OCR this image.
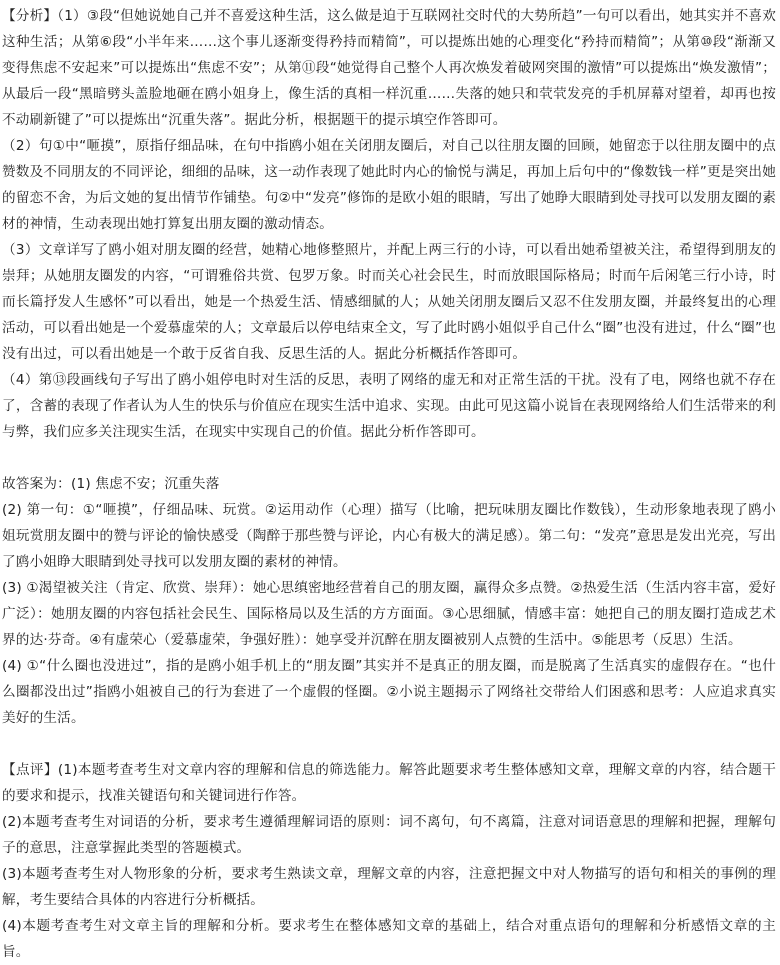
【分析】（1）③段“但她说她自己并不喜爱这种生活，这么做是迫于互联网社交时代的大势所趋”一句可以看出，她其实并不喜欢这种生活；从第⑥段“小半年来……这个事儿逐渐变得矜持而精简”，可以提炼出她的心理变化“矜持而精简”；从第⑩段“渐渐又变得焦虑不安起来”可以提炼出“焦虑不安”；从第⑪段“她觉得自己整个人再次焕发着破网突围的激情”可以提炼出“焕发激情”；从最后一段“黑暗劈头盖脸地砸在鸥小姐身上，像生活的真相一样沉重……失落的她只和茕茕发亮的手机屏幕对望着，却再也按不动刷新键了”可以提炼出“沉重失落”。据此分析，根据题干的提示填空作答即可。

（2）句①中“咂摸”，原指仔细品味，在句中指鸥小姐在关闭朋友圈后，对自己以往朋友圈的回顾，她留恋于以往朋友圈中的点赞数及不同朋友的不同评论，细细的品味，这一动作表现了她此时内心的愉悦与满足，再加上后句中的“像数钱一样”更是突出她的留恋不舍，为后文她的复出情节作铺垫。句②中“发亮”修饰的是欧小姐的眼睛，写出了她睁大眼睛到处寻找可以发朋友圈的素材的神情，生动表现出她打算复出朋友圈的激动情态。

（3）文章详写了鸥小姐对朋友圈的经营，她精心地修整照片，并配上两三行的小诗，可以看出她希望被关注，希望得到朋友的崇拜；从她朋友圈发的内容，“可谓雅俗共赏、包罗万象。时而关心社会民生，时而放眼国际格局；时而午后闲笔三行小诗，时而长篇抒发人生感怀”可以看出，她是一个热爱生活、情感细腻的人；从她关闭朋友圈后又忍不住发朋友圈，并最终复出的心理活动，可以看出她是一个爱慕虚荣的人；文章最后以停电结束全文，写了此时鸥小姐似乎自己什么“圈”也没有进过，什么“圈”也没有出过，可以看出她是一个敢于反省自我、反思生活的人。据此分析概括作答即可。

（4）第⑬段画线句子写出了鸥小姐停电时对生活的反思，表明了网络的虚无和对正常生活的干扰。没有了电，网络也就不存在了，含蓄的表现了作者认为人生的快乐与价值应在现实生活中追求、实现。由此可见这篇小说旨在表现网络给人们生活带来的利与弊，我们应多关注现实生活，在现实中实现自己的价值。据此分析作答即可。

故答案为：(1) 焦虑不安；沉重失落

(2) 第一句：①“咂摸”，仔细品味、玩赏。②运用动作（心理）描写（比喻，把玩味朋友圈比作数钱），生动形象地表现了鸥小姐玩赏朋友圈中的赞与评论的愉快感受（陶醉于那些赞与评论，内心有极大的满足感）。第二句：“发亮”意思是发出光亮，写出了鸥小姐睁大眼睛到处寻找可以发朋友圈的素材的神情。

(3) ①渴望被关注（肯定、欣赏、崇拜）：她心思缜密地经营着自己的朋友圈，赢得众多点赞。②热爱生活（生活内容丰富，爱好广泛）：她朋友圈的内容包括社会民生、国际格局以及生活的方方面面。③心思细腻，情感丰富：她把自己的朋友圈打造成艺术界的达·芬奇。④有虚荣心（爱慕虚荣，争强好胜）：她享受并沉醉在朋友圈被别人点赞的生活中。⑤能思考（反思）生活。

(4) ①“什么圈也没进过”，指的是鸥小姐手机上的“朋友圈”其实并不是真正的朋友圈，而是脱离了生活真实的虚假存在。“也什么圈都没出过”指鸥小姐被自己的行为套进了一个虚假的怪圈。②小说主题揭示了网络社交带给人们困惑和思考：人应追求真实美好的生活。

【点评】(1)本题考查考生对文章内容的理解和信息的筛选能力。解答此题要求考生整体感知文章，理解文章的内容，结合题干的要求和提示，找准关键语句和关键词进行作答。

(2)本题考查考生对词语的分析，要求考生遵循理解词语的原则：词不离句，句不离篇，注意对词语意思的理解和把握，理解句子的意思，注意掌握此类型的答题模式。

(3)本题考查考生对人物形象的分析，要求考生熟读文章，理解文章的内容，注意把握文中对人物描写的语句和相关的事例的理解，考生要结合具体的内容进行分析概括。

(4)本题考查考生对文章主旨的理解和分析。要求考生在整体感知文章的基础上，结合对重点语句的理解和分析感悟文章的主旨。
